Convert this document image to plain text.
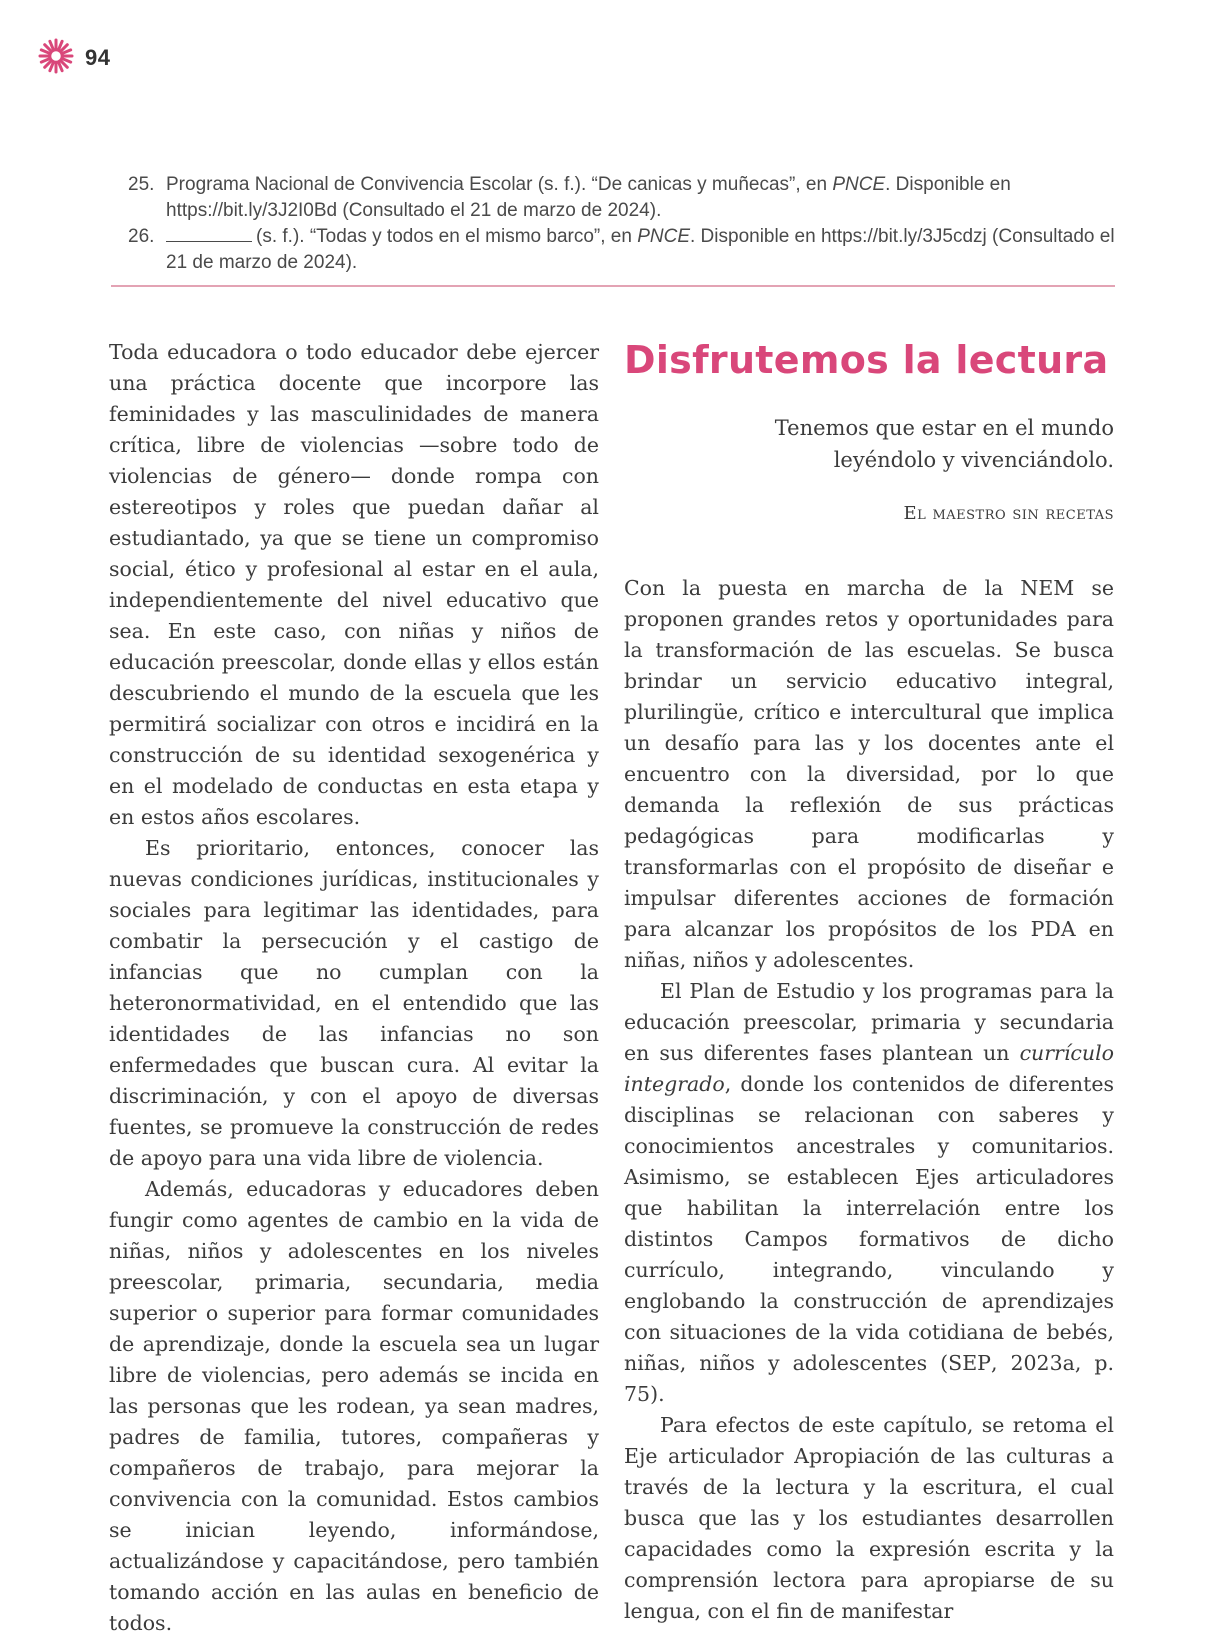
94
25. Programa Nacional de Convivencia Escolar (s. f.). “De canicas y muñecas”, en PNCE. Disponible en https://bit.ly/3J2I0Bd (Consultado el 21 de marzo de 2024).
26.	(s. f.). “Todas y todos en el mismo barco”, en PNCE. Disponible en https://bit.ly/3J5cdzj (Consultado el 21 de marzo de 2024).

Toda educadora o todo educador debe ejercer una práctica docente que incorpore las feminidades y las masculinidades de manera crítica, libre de violencias —sobre todo de violencias de género— donde rompa con estereotipos y roles que puedan dañar al estudiantado, ya que se tiene un compromiso social, ético y profesional al estar en el aula, independientemente del nivel educativo que sea. En este caso, con niñas y niños de educación preescolar, donde ellas y ellos están descubriendo el mundo de la escuela que les permitirá socializar con otros e incidirá en la construcción de su identidad sexogenérica y en el modelado de conductas en esta etapa y en estos años escolares.

Es prioritario, entonces, conocer las nuevas condiciones jurídicas, institucionales y sociales para legitimar las identidades, para combatir la persecución y el castigo de infancias que no cumplan con la heteronormatividad, en el entendido que las identidades de las infancias no son enfermedades que buscan cura. Al evitar la discriminación, y con el apoyo de diversas fuentes, se promueve la construcción de redes de apoyo para una vida libre de violencia.

Además, educadoras y educadores deben fungir como agentes de cambio en la vida de niñas, niños y adolescentes en los niveles preescolar, primaria, secundaria, media superior o superior para formar comunidades de aprendizaje, donde la escuela sea un lugar libre de violencias, pero además se incida en las personas que les rodean, ya sean madres, padres de familia, tutores, compañeras y compañeros de trabajo, para mejorar la convivencia con la comunidad. Estos cambios se inician leyendo, informándose, actualizándose y capacitándose, pero también tomando acción en las aulas en beneficio de todos.

Disfrutemos la lectura
Tenemos que estar en el mundo
leyéndolo y vivenciándolo.
El maestro sin recetas

Con la puesta en marcha de la NEM se proponen grandes retos y oportunidades para la transformación de las escuelas. Se busca brindar un servicio educativo integral, plurilingüe, crítico e intercultural que implica un desafío para las y los docentes ante el encuentro con la diversidad, por lo que demanda la reflexión de sus prácticas pedagógicas para modificarlas y transformarlas con el propósito de diseñar e impulsar diferentes acciones de formación para alcanzar los propósitos de los PDA en niñas, niños y adolescentes.

El Plan de Estudio y los programas para la educación preescolar, primaria y secundaria en sus diferentes fases plantean un currículo integrado, donde los contenidos de diferentes disciplinas se relacionan con saberes y conocimientos ancestrales y comunitarios. Asimismo, se establecen Ejes articuladores que habilitan la interrelación entre los distintos Campos formativos de dicho currículo, integrando, vinculando y englobando la construcción de aprendizajes con situaciones de la vida cotidiana de bebés, niñas, niños y adolescentes (SEP, 2023a, p. 75).

Para efectos de este capítulo, se retoma el Eje articulador Apropiación de las culturas a través de la lectura y la escritura, el cual busca que las y los estudiantes desarrollen capacidades como la expresión escrita y la comprensión lectora para apropiarse de su lengua, con el fin de manifestar
